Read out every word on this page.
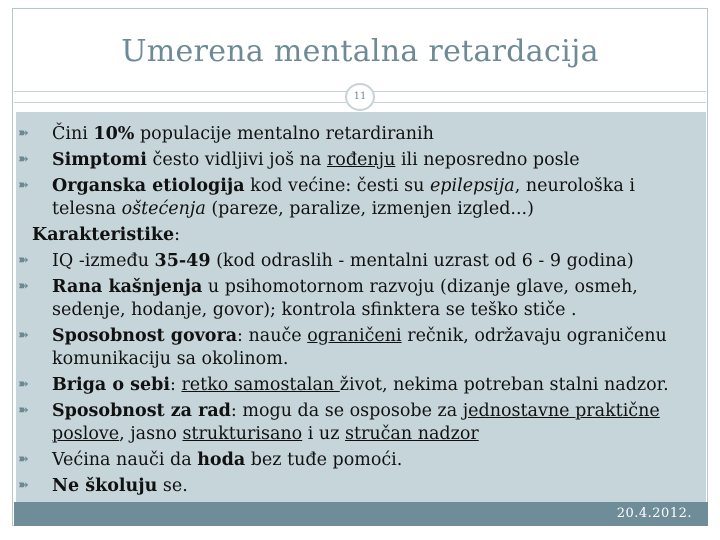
Umerena mentalna retardacija
11
➽ Čini 10% populacije mentalno retardiranih
➽ Simptomi često vidljivi još na rođenju ili neposredno posle
➽ Organska etiologija kod većine: česti su epilepsija, neurološka i
telesna oštećenja (pareze, paralize, izmenjen izgled...)
Karakteristike:
➽ IQ -između 35-49 (kod odraslih - mentalni uzrast od 6 - 9 godina)
➽ Rana kašnjenja u psihomotornom razvoju (dizanje glave, osmeh,
sedenje, hodanje, govor); kontrola sfinktera se teško stiče .
➽ Sposobnost govora: nauče ograničeni rečnik, održavaju ograničenu
komunikaciju sa okolinom.
➽ Briga o sebi: retko samostalan život, nekima potreban stalni nadzor.
➽ Sposobnost za rad: mogu da se osposobe za jednostavne praktične
poslove, jasno strukturisano i uz stručan nadzor
➽ Većina nauči da hoda bez tuđe pomoći.
➽ Ne školuju se.
20.4.2012.
